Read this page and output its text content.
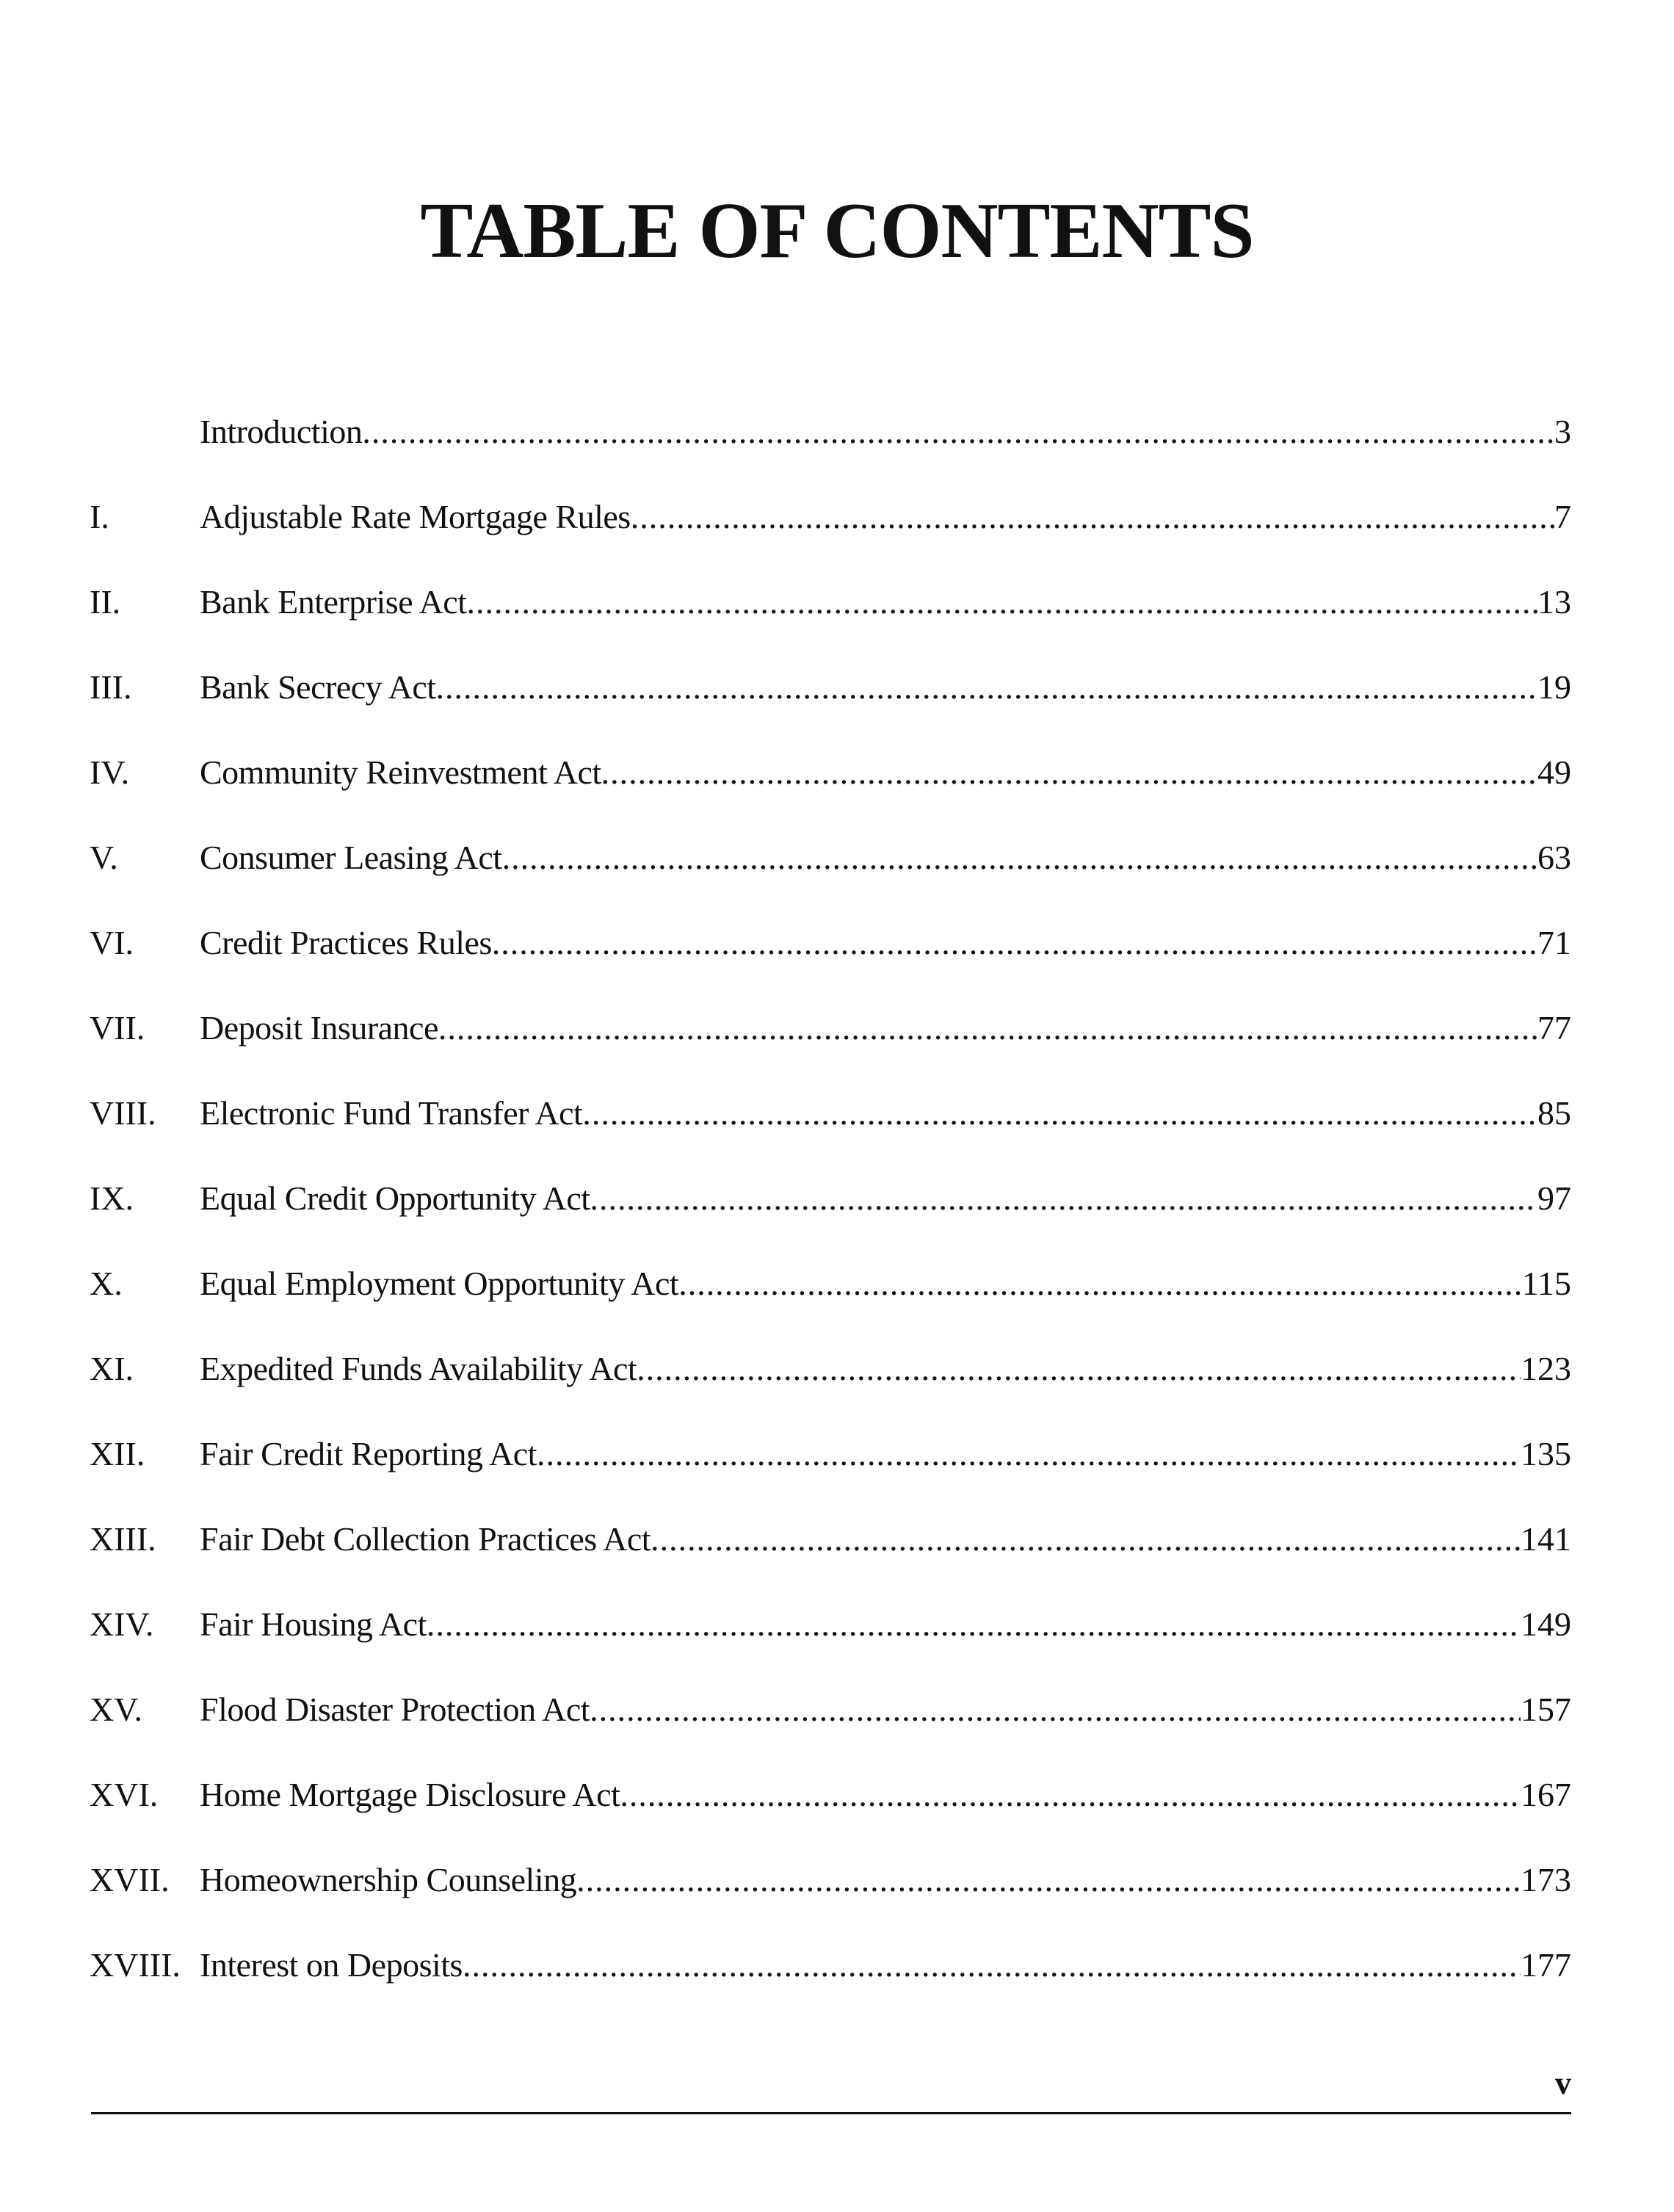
TABLE OF CONTENTS
Introduction .....	3
I.	Adjustable Rate Mortgage Rules .....	7
II.	Bank Enterprise Act .....	13
III.	Bank Secrecy Act .....	19
IV.	Community Reinvestment Act .....	49
V.	Consumer Leasing Act .....	63
VI.	Credit Practices Rules .....	71
VII.	Deposit Insurance .....	77
VIII.	Electronic Fund Transfer Act .....	85
IX.	Equal Credit Opportunity Act .....	97
X.	Equal Employment Opportunity Act .....	115
XI.	Expedited Funds Availability Act .....	123
XII.	Fair Credit Reporting Act .....	135
XIII.	Fair Debt Collection Practices Act .....	141
XIV.	Fair Housing Act .....	149
XV.	Flood Disaster Protection Act .....	157
XVI.	Home Mortgage Disclosure Act .....	167
XVII. Homeownership Counseling .....	173
XVIII. Interest on Deposits .....	177
v
